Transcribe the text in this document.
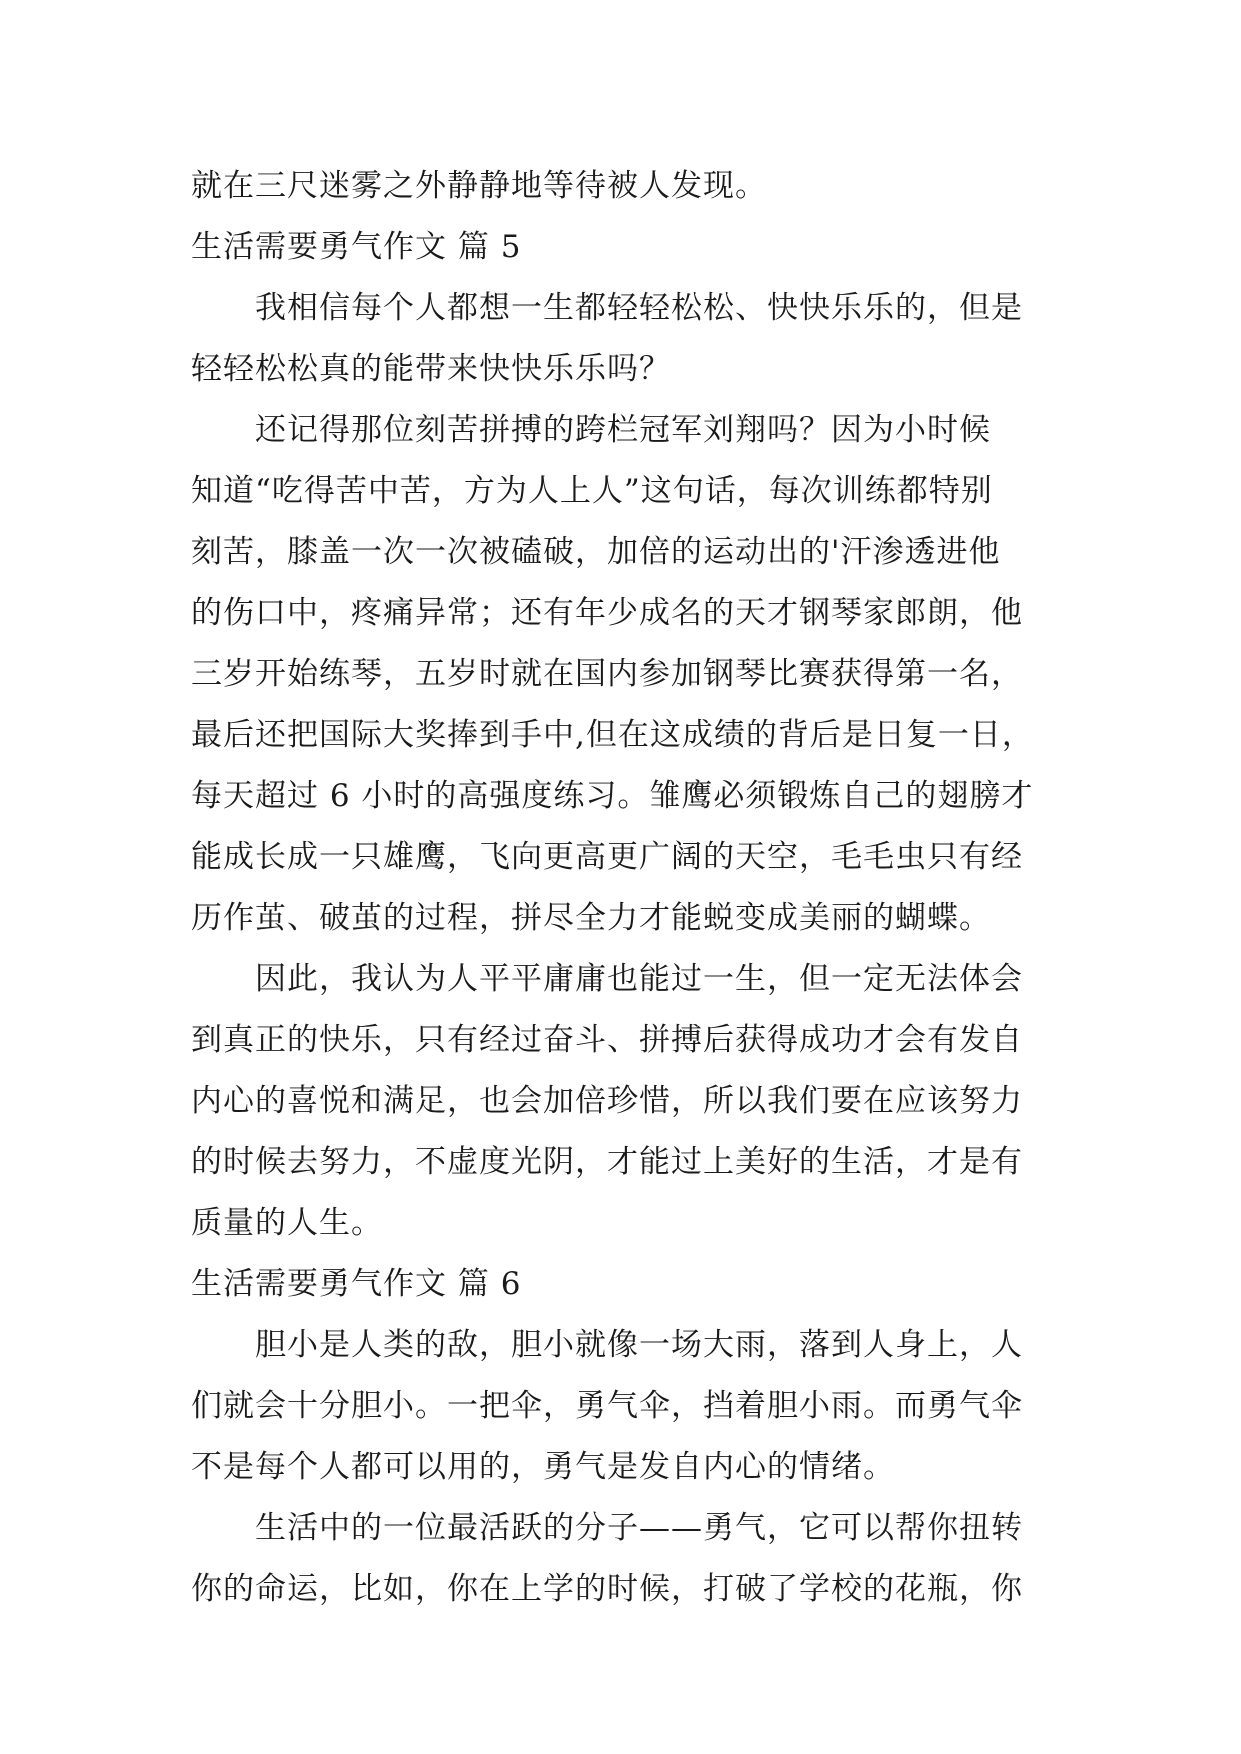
就在三尺迷雾之外静静地等待被人发现。
生活需要勇气作文 篇 5
我相信每个人都想一生都轻轻松松、快快乐乐的，但是
轻轻松松真的能带来快快乐乐吗？
还记得那位刻苦拼搏的跨栏冠军刘翔吗？因为小时候
知道“吃得苦中苦，方为人上人”这句话，每次训练都特别
刻苦，膝盖一次一次被磕破，加倍的运动出的'汗渗透进他
的伤口中，疼痛异常；还有年少成名的天才钢琴家郎朗，他
三岁开始练琴，五岁时就在国内参加钢琴比赛获得第一名，
最后还把国际大奖捧到手中,但在这成绩的背后是日复一日，
每天超过 6 小时的高强度练习。雏鹰必须锻炼自己的翅膀才
能成长成一只雄鹰，飞向更高更广阔的天空，毛毛虫只有经
历作茧、破茧的过程，拼尽全力才能蜕变成美丽的蝴蝶。
因此，我认为人平平庸庸也能过一生，但一定无法体会
到真正的快乐，只有经过奋斗、拼搏后获得成功才会有发自
内心的喜悦和满足，也会加倍珍惜，所以我们要在应该努力
的时候去努力，不虚度光阴，才能过上美好的生活，才是有
质量的人生。
生活需要勇气作文 篇 6
胆小是人类的敌，胆小就像一场大雨，落到人身上，人
们就会十分胆小。一把伞，勇气伞，挡着胆小雨。而勇气伞
不是每个人都可以用的，勇气是发自内心的情绪。
生活中的一位最活跃的分子——勇气，它可以帮你扭转
你的命运，比如，你在上学的时候，打破了学校的花瓶，你
